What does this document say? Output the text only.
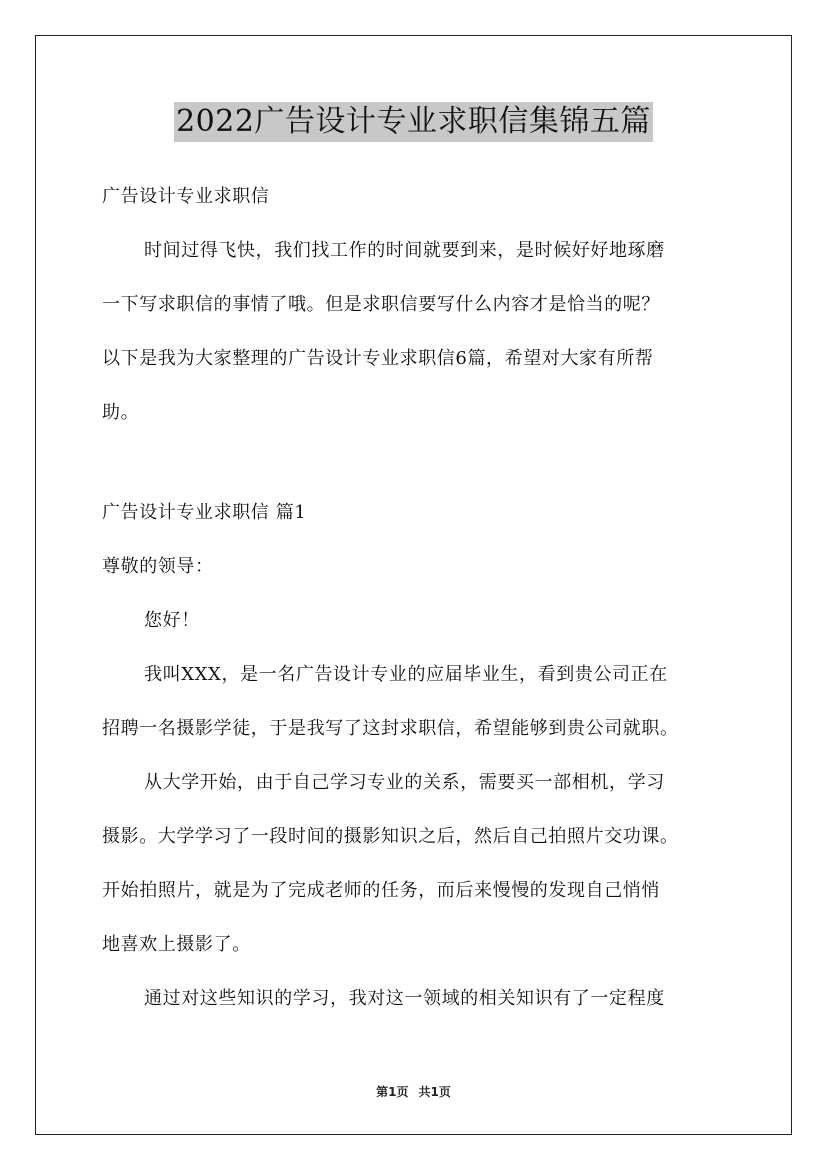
2022广告设计专业求职信集锦五篇
广告设计专业求职信
时间过得飞快，我们找工作的时间就要到来，是时候好好地琢磨
一下写求职信的事情了哦。但是求职信要写什么内容才是恰当的呢？
以下是我为大家整理的广告设计专业求职信6篇，希望对大家有所帮
助。
广告设计专业求职信 篇1
尊敬的领导：
您好！
我叫XXX，是一名广告设计专业的应届毕业生，看到贵公司正在
招聘一名摄影学徒，于是我写了这封求职信，希望能够到贵公司就职。
从大学开始，由于自己学习专业的关系，需要买一部相机，学习
摄影。大学学习了一段时间的摄影知识之后，然后自己拍照片交功课。
开始拍照片，就是为了完成老师的任务，而后来慢慢的发现自己悄悄
地喜欢上摄影了。
通过对这些知识的学习，我对这一领域的相关知识有了一定程度
第1页 共1页
